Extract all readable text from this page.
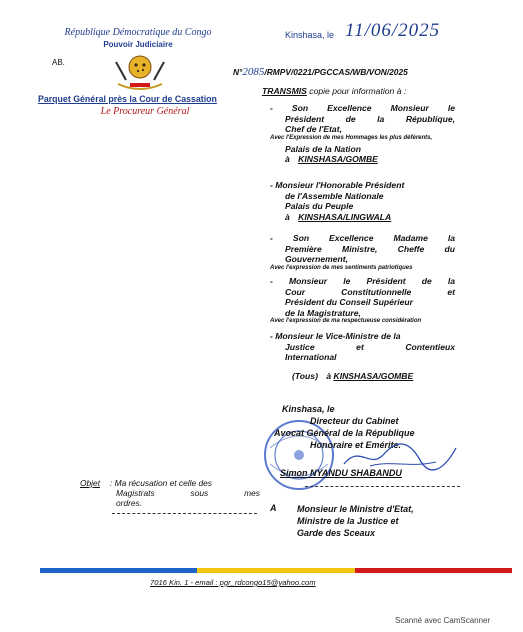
République Démocratique du Congo
Pouvoir Judiciaire
AB.
Parquet Général près la Cour de Cassation
Le Procureur Général
Kinshasa, le 11/06/2025
N°2085/RMPV/0221/PGCCAS/WB/VON/2025
TRANSMIS copie pour information à :
- Son Excellence Monsieur le
Président de la République,
Chef de l'Etat,
Avec l'Expression de mes Hommages les plus déférents,
Palais de la Nation
à KINSHASA/GOMBE
- Monsieur l'Honorable Président
de l'Assemble Nationale
Palais du Peuple
à KINSHASA/LINGWALA
- Son Excellence Madame la
Première Ministre, Cheffe du
Gouvernement,
Avec l'expression de mes sentiments patriotiques
- Monsieur le Président de la
Cour Constitutionnelle et
Président du Conseil Supérieur
de la Magistrature,
Avec l'expression de ma respectueuse considération
- Monsieur le Vice-Ministre de la
Justice et Contentieux
International
(Tous) à KINSHASA/GOMBE
Kinshasa, le
Directeur du Cabinet
Avocat Général de la République
Honoraire et Emérite.
Simon NYANDU SHABANDU
Objet : Ma récusation et celle des
Magistrats sous mes
ordres.	A Monsieur le Ministre d'Etat,
Ministre de la Justice et
Garde des Sceaux
7016 Kin. 1 - email : pgr_rdcongo15@yahoo.com
Scanné avec CamScanner
